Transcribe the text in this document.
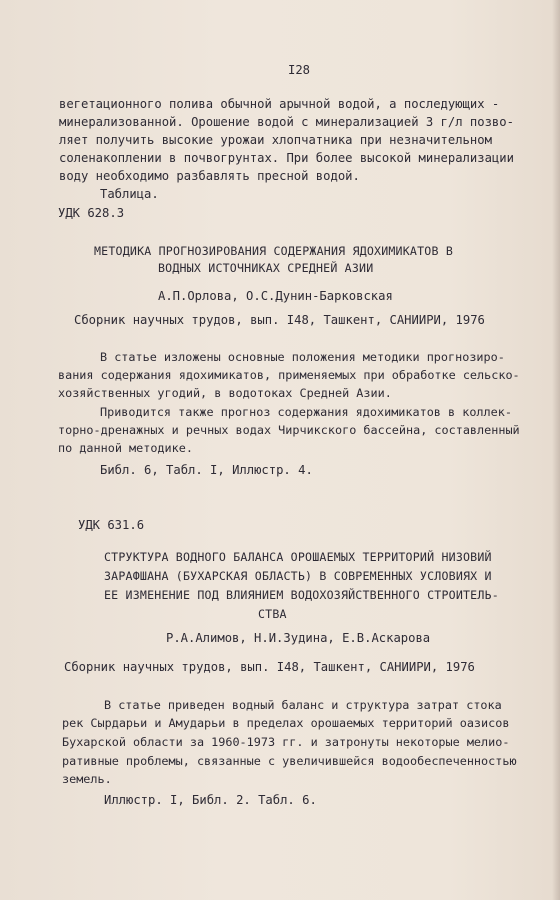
I28
вегетационного полива обычной арычной водой, а последующих -
минерализованной. Орошение водой с минерализацией 3 г/л позво-
ляет получить высокие урожаи хлопчатника при незначительном
соленакоплении в почвогрунтах. При более высокой минерализации
воду необходимо разбавлять пресной водой.
Таблица.
УДК 628.3
МЕТОДИКА ПРОГНОЗИРОВАНИЯ СОДЕРЖАНИЯ ЯДОХИМИКАТОВ В
ВОДНЫХ ИСТОЧНИКАХ СРЕДНЕЙ АЗИИ
А.П.Орлова, О.С.Дунин-Барковская
Сборник научных трудов, вып. I48, Ташкент, САНИИРИ, 1976
В статье изложены основные положения методики прогнозиро-
вания содержания ядохимикатов, применяемых при обработке сельско-
хозяйственных угодий, в водотоках Средней Азии.
Приводится также прогноз содержания ядохимикатов в коллек-
торно-дренажных и речных водах Чирчикского бассейна, составленный
по данной методике.
Библ. 6, Табл. I, Иллюстр. 4.
УДК 631.6
СТРУКТУРА ВОДНОГО БАЛАНСА ОРОШАЕМЫХ ТЕРРИТОРИЙ НИЗОВИЙ
ЗАРАФШАНА (БУХАРСКАЯ ОБЛАСТЬ) В СОВРЕМЕННЫХ УСЛОВИЯХ И
ЕЕ ИЗМЕНЕНИЕ ПОД ВЛИЯНИЕМ ВОДОХОЗЯЙСТВЕННОГО СТРОИТЕЛЬ-
СТВА
Р.А.Алимов, Н.И.Зудина, Е.В.Аскарова
Сборник научных трудов, вып. I48, Ташкент, САНИИРИ, 1976
В статье приведен водный баланс и структура затрат стока
рек Сырдарьи и Амударьи в пределах орошаемых территорий оазисов
Бухарской области за 1960-1973 гг. и затронуты некоторые мелио-
ративные проблемы, связанные с увеличившейся водообеспеченностью
земель.
Иллюстр. I, Библ. 2. Табл. 6.
